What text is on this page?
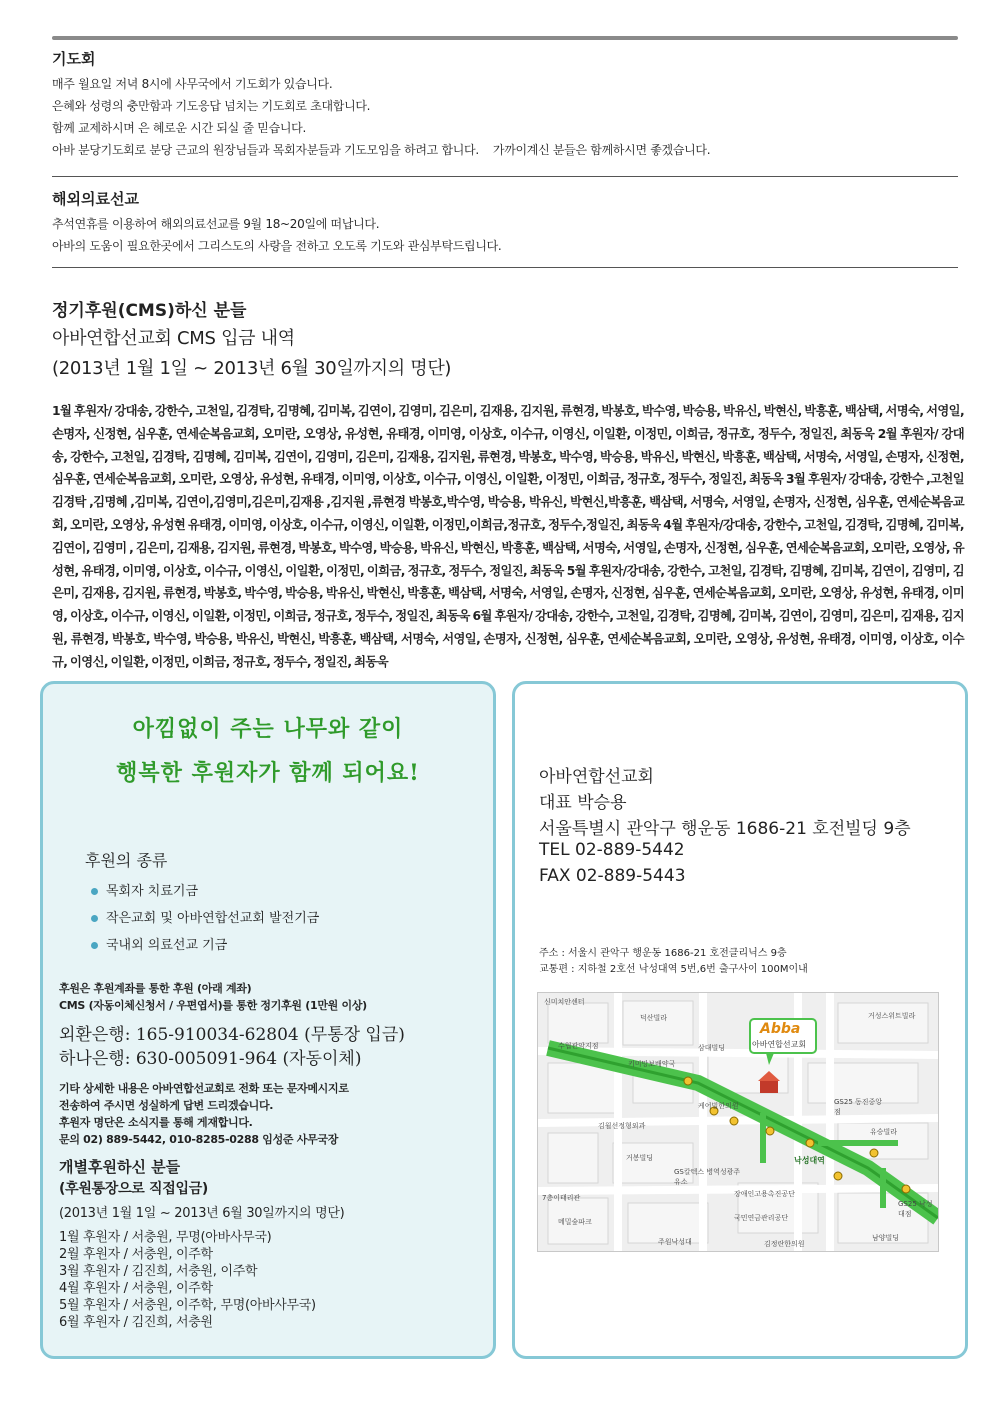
기도회

매주 월요일 저녁 8시에 사무국에서 기도회가 있습니다.

은혜와 성령의 충만함과 기도응답 넘치는 기도회로 초대합니다.

함께 교제하시며 은 혜로운 시간 되실 줄 믿습니다.

아바 분당기도회로 분당 근교의 원장님들과 목회자분들과 기도모임을 하려고 합니다.    가까이계신 분들은 함께하시면 좋겠습니다.

해외의료선교

추석연휴를 이용하여 해외의료선교를 9월 18~20일에 떠납니다.

아바의 도움이 필요한곳에서 그리스도의 사랑을 전하고 오도록 기도와 관심부탁드립니다.

정기후원(CMS)하신 분들
아바연합선교회 CMS 입금 내역
(2013년 1월 1일 ~ 2013년 6월 30일까지의 명단)
1월 후원자/ 강대송, 강한수, 고천일, 김경탁, 김명혜, 김미복, 김연이, 김영미, 김은미, 김재용, 김지원, 류현경, 박봉호, 박수영, 박승용, 박유신, 박현신, 박흥훈, 백삼택, 서명숙, 서영일, 손명자, 신정현, 심우훈, 연세순복음교회, 오미란, 오영상, 유성현, 유태경, 이미영, 이상호, 이수규, 이영신, 이일환, 이정민, 이희금, 정규호, 정두수, 정일진, 최동욱 2월 후원자/ 강대송, 강한수, 고천일, 김경탁, 김명혜, 김미복, 김연이, 김영미, 김은미, 김재용, 김지원, 류현경, 박봉호, 박수영, 박승용, 박유신, 박현신, 박흥훈, 백삼택, 서명숙, 서영일, 손명자, 신정현, 심우훈, 연세순복음교회, 오미란, 오영상, 유성현, 유태경, 이미영, 이상호, 이수규, 이영신, 이일환, 이정민, 이희금, 정규호, 정두수, 정일진, 최동욱 3월 후원자/ 강대송, 강한수 ,고천일 김경탁 ,김명혜 ,김미복, 김연이,김영미,김은미,김재용 ,김지원 ,류현경 박봉호,박수영, 박승용, 박유신, 박현신,박흥훈, 백삼택, 서명숙, 서영일, 손명자, 신정현, 심우훈, 연세순복음교회, 오미란, 오영상, 유성현 유태경, 이미영, 이상호, 이수규, 이영신, 이일환, 이정민,이희금,정규호, 정두수,정일진, 최동욱 4월 후원자/강대송, 강한수, 고천일, 김경탁, 김명혜, 김미복, 김연이, 김영미 , 김은미, 김재용, 김지원, 류현경, 박봉호, 박수영, 박승용, 박유신, 박현신, 박흥훈, 백삼택, 서명숙, 서영일, 손명자, 신정현, 심우훈, 연세순복음교회, 오미란, 오영상, 유성현, 유태경, 이미영, 이상호, 이수규, 이영신, 이일환, 이정민, 이희금, 정규호, 정두수, 정일진, 최동욱 5월 후원자/강대송, 강한수, 고천일, 김경탁, 김명혜, 김미복, 김연이, 김영미, 김은미, 김재용, 김지원, 류현경, 박봉호, 박수영, 박승용, 박유신, 박현신, 박흥훈, 백삼택, 서명숙, 서영일, 손명자, 신정현, 심우훈, 연세순복음교회, 오미란, 오영상, 유성현, 유태경, 이미영, 이상호, 이수규, 이영신, 이일환, 이정민, 이희금, 정규호, 정두수, 정일진, 최동욱 6월 후원자/ 강대송, 강한수, 고천일, 김경탁, 김명혜, 김미복, 김연이, 김영미, 김은미, 김재용, 김지원, 류현경, 박봉호, 박수영, 박승용, 박유신, 박현신, 박흥훈, 백삼택, 서명숙, 서영일, 손명자, 신정현, 심우훈, 연세순복음교회, 오미란, 오영상, 유성현, 유태경, 이미영, 이상호, 이수규, 이영신, 이일환, 이정민, 이희금, 정규호, 정두수, 정일진, 최동욱
아낌없이 주는 나무와 같이
행복한 후원자가 함께 되어요!
후원의 종류
목회자 치료기금
작은교회 및 아바연합선교회 발전기금
국내외 의료선교 기금
후원은 후원계좌를 통한 후원 (아래 계좌)
CMS (자동이체신청서 / 우편엽서)를 통한 정기후원 (1만원 이상)
외환은행: 165-910034-62804 (무통장 입금)
하나은행: 630-005091-964 (자동이체)
기타 상세한 내용은 아바연합선교회로 전화 또는 문자메시지로
전송하여 주시면 성실하게 답변 드리겠습니다.
후원자 명단은 소식지를 통해 게재합니다.
문의 02) 889-5442, 010-8285-0288 임성준 사무국장
개별후원하신 분들
(후원통장으로 직접입금)
(2013년 1월 1일 ~ 2013년 6월 30일까지의 명단)
1월 후원자 / 서충원, 무명(아바사무국)
2월 후원자 / 서충원, 이주학
3월 후원자 / 김진희, 서충원, 이주학
4월 후원자 / 서충원, 이주학
5월 후원자 / 서충원, 이주학, 무명(아바사무국)
6월 후원자 / 김진희, 서충원
아바연합선교회
대표 박승용
서울특별시 관악구 행운동 1686-21 호전빌딩 9층
TEL 02-889-5442
FAX 02-889-5443
주소 : 서울시 관악구 행운동 1686-21 호전클리닉스 9층
교통편 : 지하철 2호선 낙성대역 5번,6번 출구사이 100M이내
Abba
아바연합선교회
신미치안센터
덕산빌라	거성스위트빌라
수협관악지점
키미망보배약국
삼대빌딩
케어빌한의원	GS25 동진중앙점
김월선정형외과
유승빌라
거봉빌딩
GS칼텍스 병역성광주유소
낙성대역
장애인고용촉진공단
국민연금관리공단
메밀숲파크
김정란한의원
남양빌딩
주원낙성대
GS25 낙성대점
7층이태리관
